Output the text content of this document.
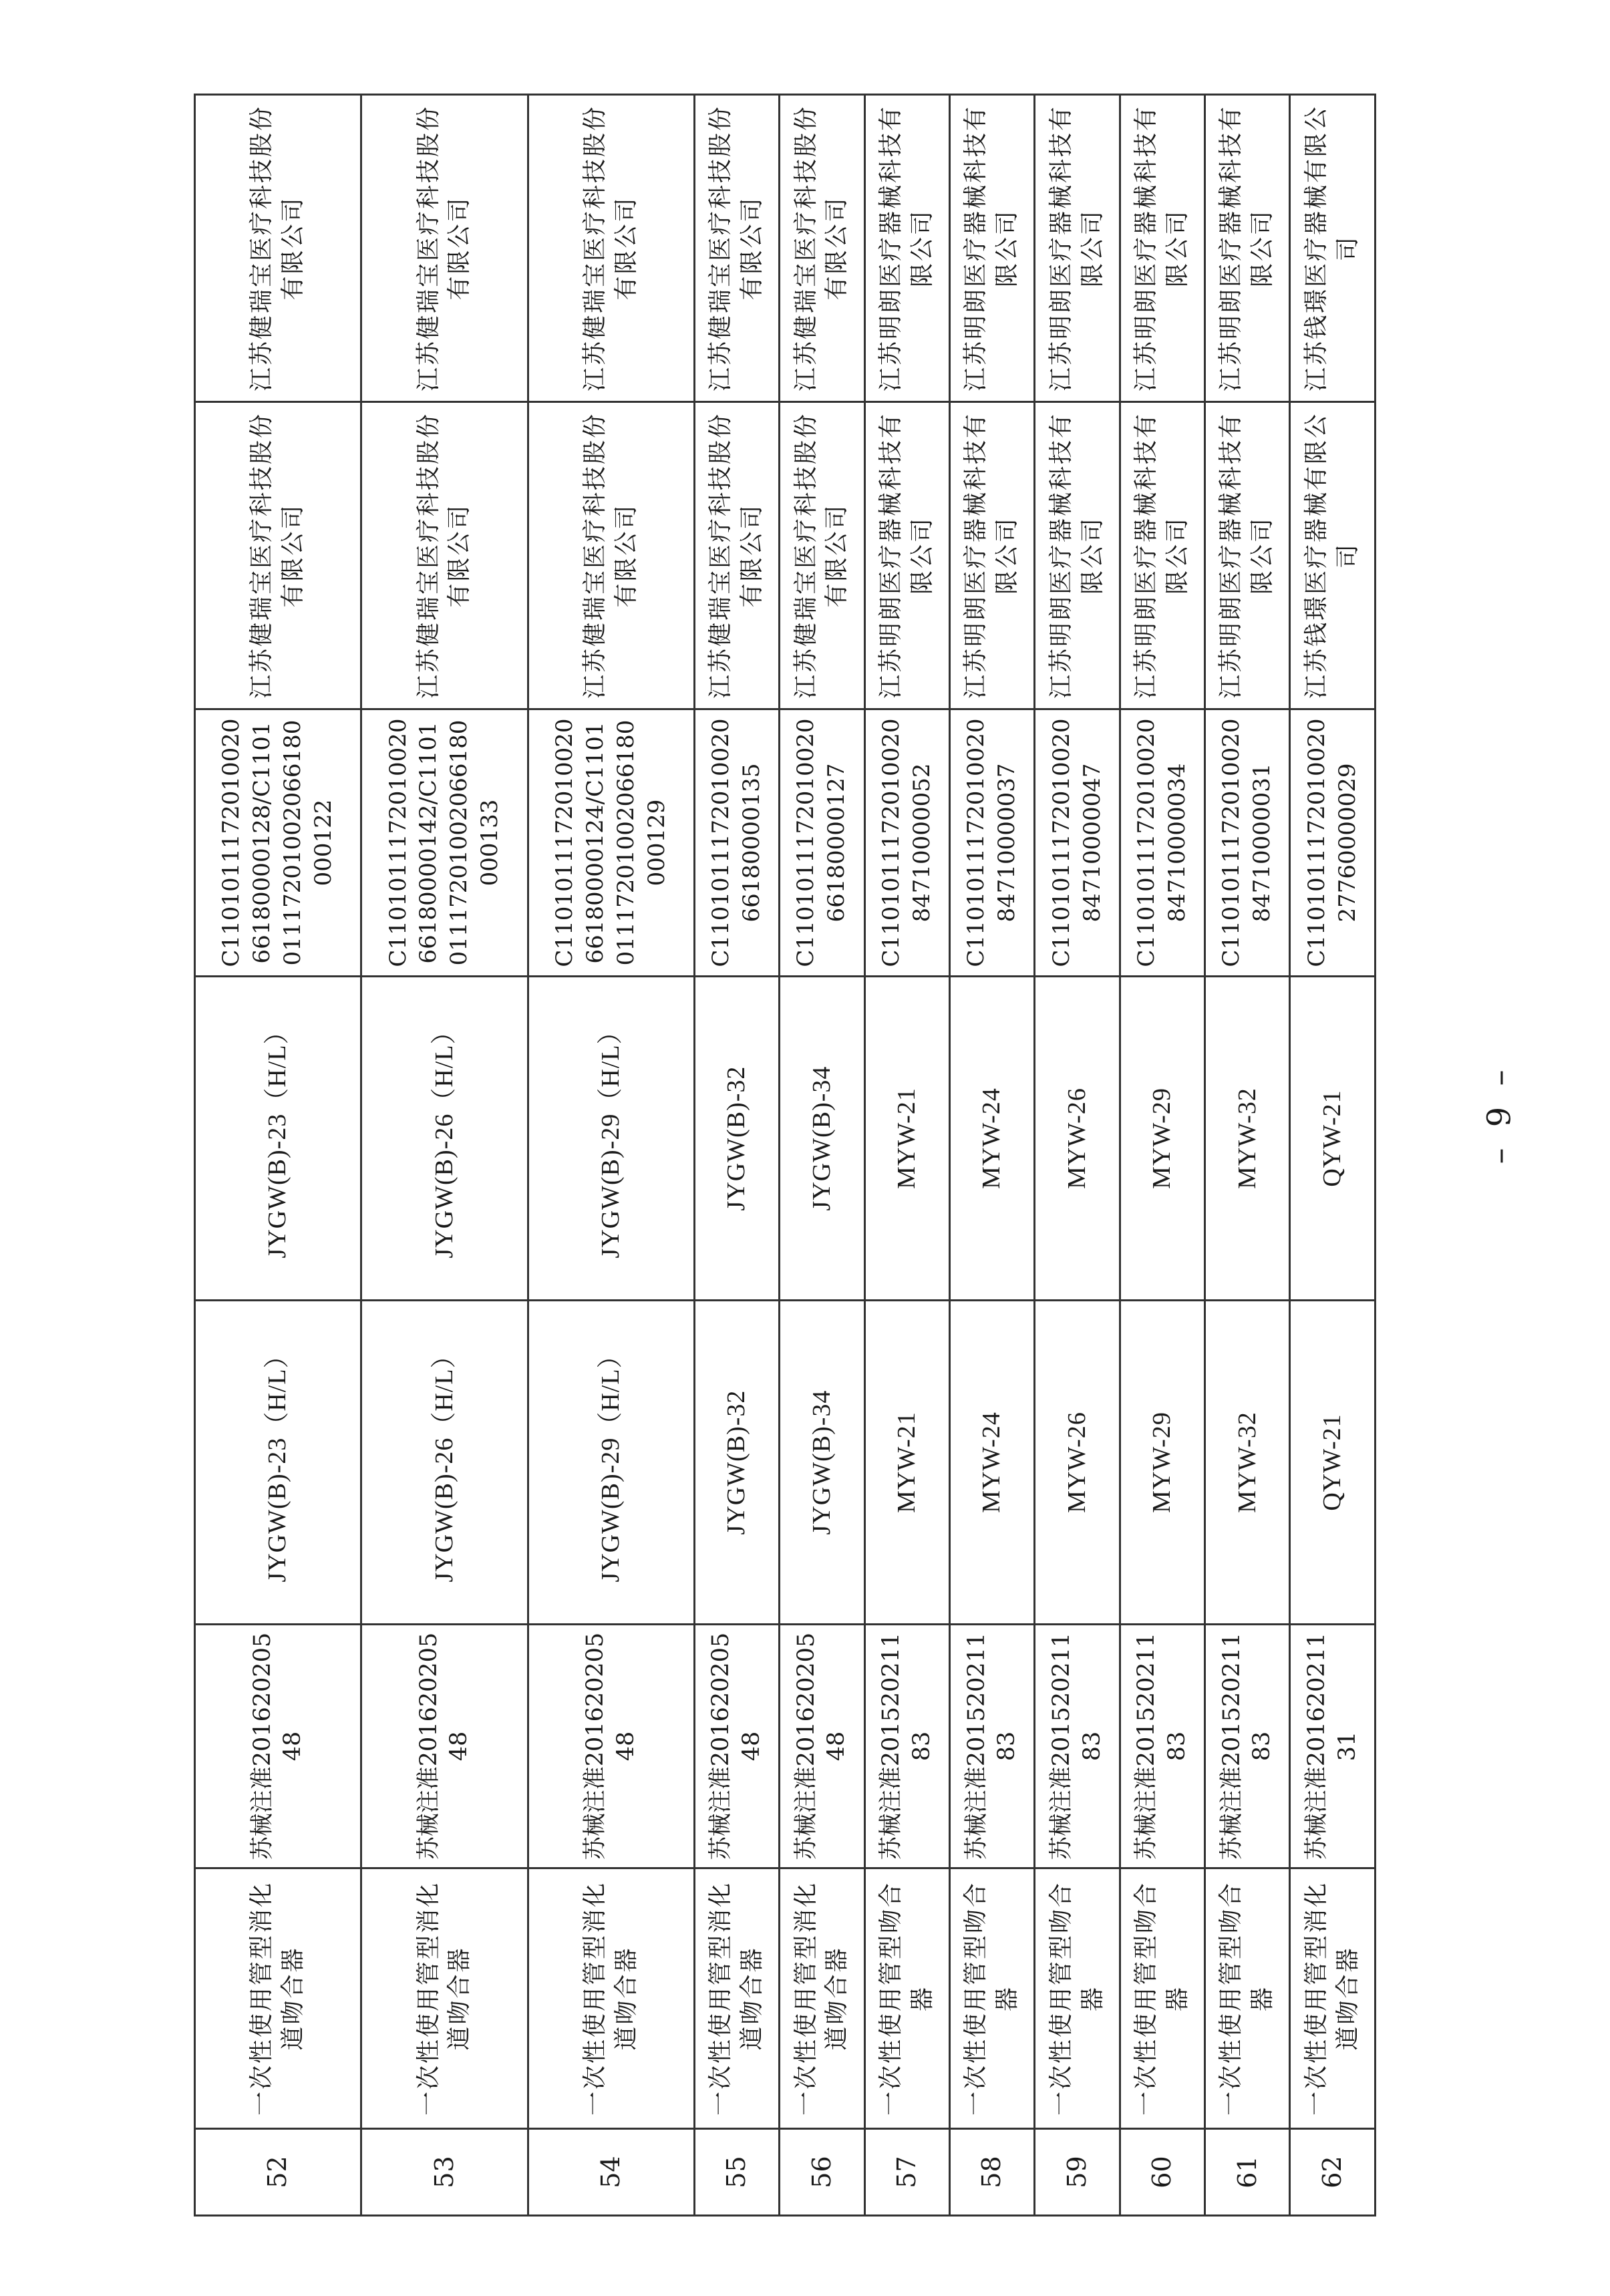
52	一次性使用管型消化道吻合器	苏械注准20162020548	JYGW(B)-23（H/L）	JYGW(B)-23（H/L）	C11010111720100206618000012​8/C1101011172010020661800001​22	江苏健瑞宝医疗科技股份有限公司	江苏健瑞宝医疗科技股份有限公司
53	一次性使用管型消化道吻合器	苏械注准20162020548	JYGW(B)-26（H/L）	JYGW(B)-26（H/L）	C11010111720100206618000014​2/C1101011172010020661800001​33	江苏健瑞宝医疗科技股份有限公司	江苏健瑞宝医疗科技股份有限公司
54	一次性使用管型消化道吻合器	苏械注准20162020548	JYGW(B)-29（H/L）	JYGW(B)-29（H/L）	C11010111720100206618000012​4/C1101011172010020661800001​29	江苏健瑞宝医疗科技股份有限公司	江苏健瑞宝医疗科技股份有限公司
55	一次性使用管型消化道吻合器	苏械注准20162020548	JYGW(B)-32	JYGW(B)-32	C11010111720100206618000013​5	江苏健瑞宝医疗科技股份有限公司	江苏健瑞宝医疗科技股份有限公司
56	一次性使用管型消化道吻合器	苏械注准20162020548	JYGW(B)-34	JYGW(B)-34	C11010111720100206618000012​7	江苏健瑞宝医疗科技股份有限公司	江苏健瑞宝医疗科技股份有限公司
57	一次性使用管型吻合器	苏械注准20152021183	MYW-21	MYW-21	C11010111720100208471000005​2	江苏明朗医疗器械科技有限公司	江苏明朗医疗器械科技有限公司
58	一次性使用管型吻合器	苏械注准20152021183	MYW-24	MYW-24	C11010111720100208471000003​7	江苏明朗医疗器械科技有限公司	江苏明朗医疗器械科技有限公司
59	一次性使用管型吻合器	苏械注准20152021183	MYW-26	MYW-26	C11010111720100208471000004​7	江苏明朗医疗器械科技有限公司	江苏明朗医疗器械科技有限公司
60	一次性使用管型吻合器	苏械注准20152021183	MYW-29	MYW-29	C11010111720100208471000003​4	江苏明朗医疗器械科技有限公司	江苏明朗医疗器械科技有限公司
61	一次性使用管型吻合器	苏械注准20152021183	MYW-32	MYW-32	C11010111720100208471000003​1	江苏明朗医疗器械科技有限公司	江苏明朗医疗器械科技有限公司
62	一次性使用管型消化道吻合器	苏械注准20162021131	QYW-21	QYW-21	C11010111720100202776000002​9	江苏钱璟医疗器械有限公司	江苏钱璟医疗器械有限公司
– 9 –
